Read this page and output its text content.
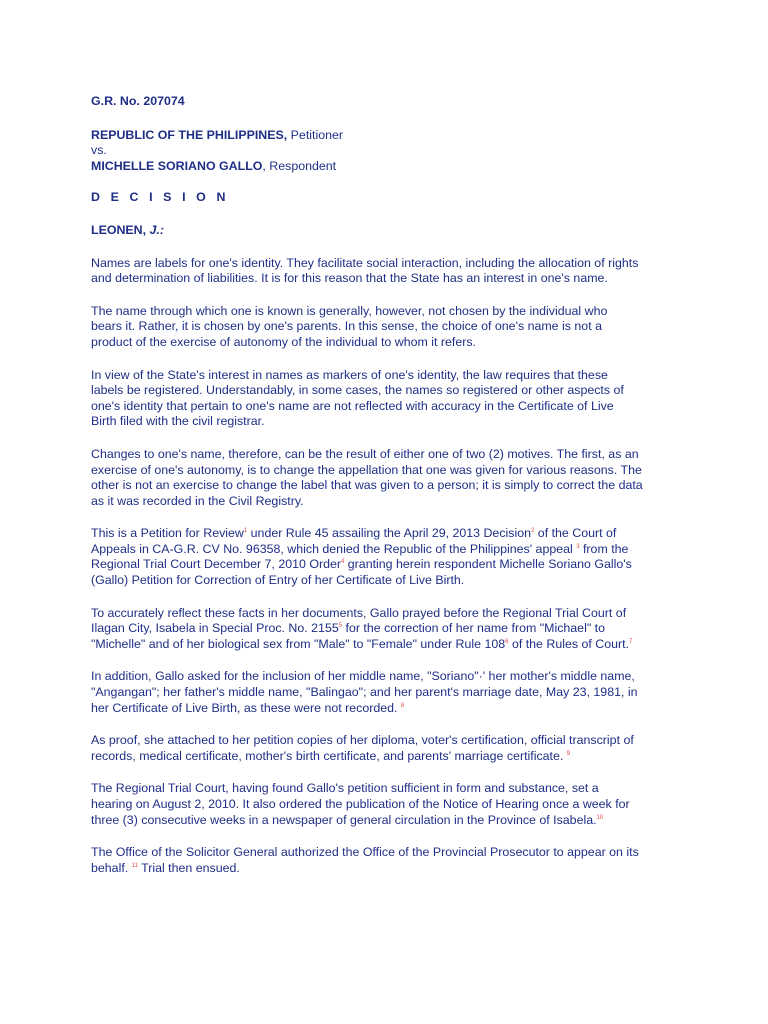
G.R. No. 207074
REPUBLIC OF THE PHILIPPINES, Petitioner
vs.
MICHELLE SORIANO GALLO, Respondent
D E C I S I O N
LEONEN, J.:

Names are labels for one's identity. They facilitate social interaction, including the allocation of rights
and determination of liabilities. It is for this reason that the State has an interest in one's name.

The name through which one is known is generally, however, not chosen by the individual who
bears it. Rather, it is chosen by one's parents. In this sense, the choice of one's name is not a
product of the exercise of autonomy of the individual to whom it refers.

In view of the State's interest in names as markers of one's identity, the law requires that these
labels be registered. Understandably, in some cases, the names so registered or other aspects of
one's identity that pertain to one's name are not reflected with accuracy in the Certificate of Live
Birth filed with the civil registrar.

Changes to one's name, therefore, can be the result of either one of two (2) motives. The first, as an
exercise of one's autonomy, is to change the appellation that one was given for various reasons. The
other is not an exercise to change the label that was given to a person; it is simply to correct the data
as it was recorded in the Civil Registry.

This is a Petition for Review$^1$ under Rule 45 assailing the April 29, 2013 Decision$^2$ of the Court of
Appeals in CA-G.R. CV No. 96358, which denied the Republic of the Philippines' appeal $^3$ from the
Regional Trial Court December 7, 2010 Order$^4$ granting herein respondent Michelle Soriano Gallo's
(Gallo) Petition for Correction of Entry of her Certificate of Live Birth.

To accurately reflect these facts in her documents, Gallo prayed before the Regional Trial Court of
Ilagan City, Isabela in Special Proc. No. 2155$^5$ for the correction of her name from "Michael" to
"Michelle" and of her biological sex from "Male" to "Female" under Rule 108$^6$ of the Rules of Court.$^7$

In addition, Gallo asked for the inclusion of her middle name, "Soriano"·' her mother's middle name,
"Angangan"; her father's middle name, "Balingao"; and her parent's marriage date, May 23, 1981, in
her Certificate of Live Birth, as these were not recorded. $^8$

As proof, she attached to her petition copies of her diploma, voter's certification, official transcript of
records, medical certificate, mother's birth certificate, and parents' marriage certificate. $^9$

The Regional Trial Court, having found Gallo's petition sufficient in form and substance, set a
hearing on August 2, 2010. It also ordered the publication of the Notice of Hearing once a week for
three (3) consecutive weeks in a newspaper of general circulation in the Province of Isabela.$^{10}$

The Office of the Solicitor General authorized the Office of the Provincial Prosecutor to appear on its
behalf. $^{11}$ Trial then ensued.
